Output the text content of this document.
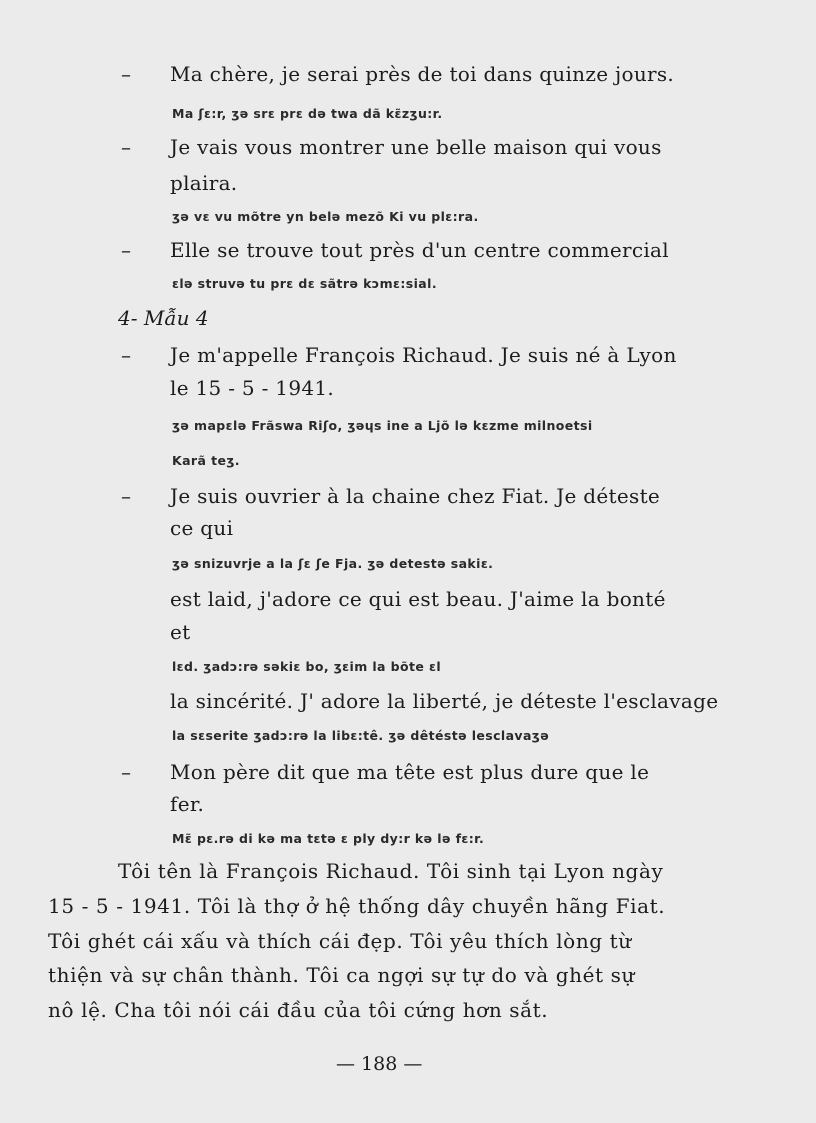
– Ma chère, je serai près de toi dans quinze jours.
Ma ʃɛ:r, ʒə srɛ prɛ də twa dã kɛ̃zʒu:r.
– Je vais vous montrer une belle maison qui vous
plaira.
ʒə vɛ vu mõtre yn belə mezõ Ki vu plɛ:ra.
– Elle se trouve tout près d'un centre commercial
ɛlə struvə tu prɛ dɛ sãtrə kɔmɛ:sial.
4- Mẫu 4
– Je m'appelle François Richaud. Je suis né à Lyon
le 15 - 5 - 1941.
ʒə mapɛlə Frãswa Riʃo, ʒəɥs ine a Ljõ lə kɛzme milnoetsi
Karã teʒ.
– Je suis ouvrier à la chaine chez Fiat. Je déteste
ce qui
ʒə snizuvrje a la ʃɛ ʃe Fja. ʒə detestə sakiɛ.
est laid, j'adore ce qui est beau. J'aime la bonté
et
lɛd. ʒadɔ:rə səkiɛ bo, ʒɛim la bõte ɛl
la sincérité. J' adore la liberté, je déteste l'esclavage
la sɛserite ʒadɔ:rə la libɛ:tê. ʒə dêtéstə lesclavaʒə
– Mon père dit que ma tête est plus dure que le
fer.
Mɛ̃ pɛ.rə di kə ma tɛtə ɛ ply dy:r kə lə fɛ:r.
Tôi tên là François Richaud. Tôi sinh tại Lyon ngày
15 - 5 - 1941. Tôi là thợ ở hệ thống dây chuyền hãng Fiat.
Tôi ghét cái xấu và thích cái đẹp. Tôi yêu thích lòng từ
thiện và sự chân thành. Tôi ca ngợi sự tự do và ghét sự
nô lệ. Cha tôi nói cái đầu của tôi cứng hơn sắt.
— 188 —
